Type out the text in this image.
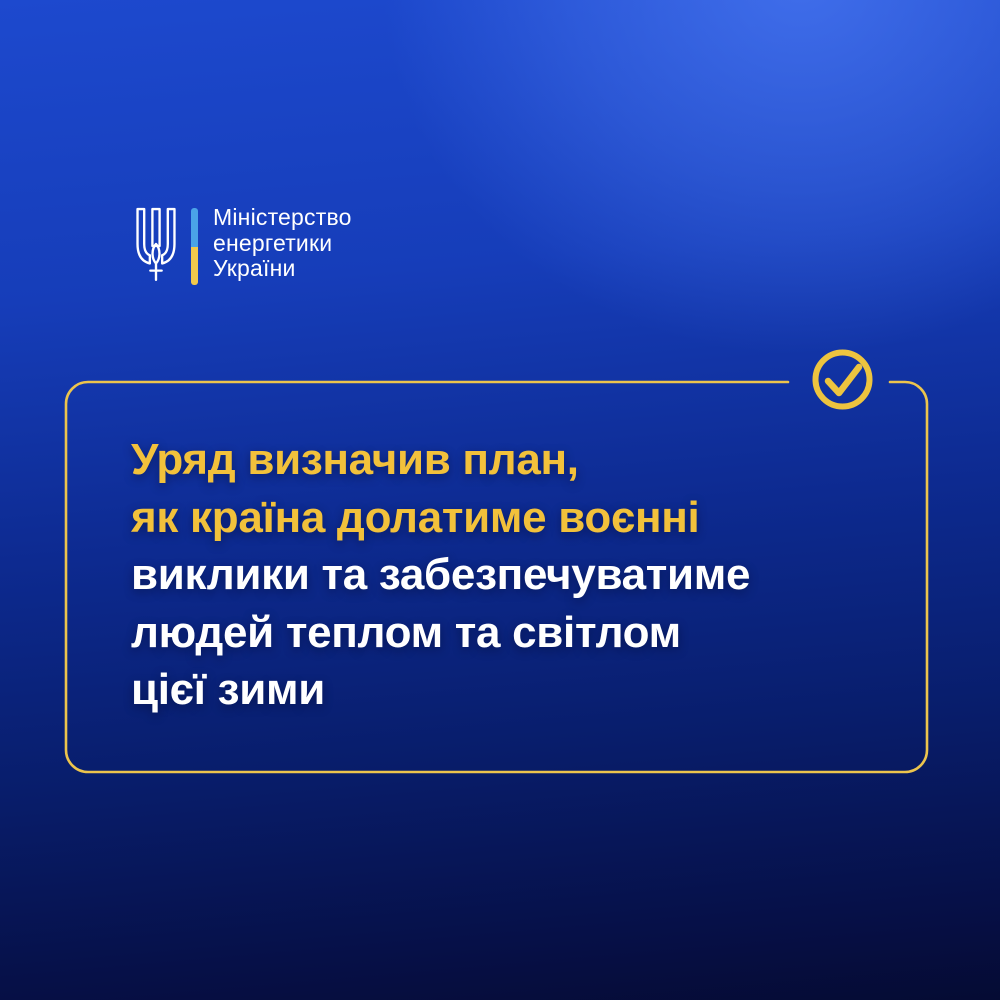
Міністерство
енергетики
України
Уряд визначив план,
як країна долатиме воєнні
виклики та забезпечуватиме
людей теплом та світлом
цієї зими
